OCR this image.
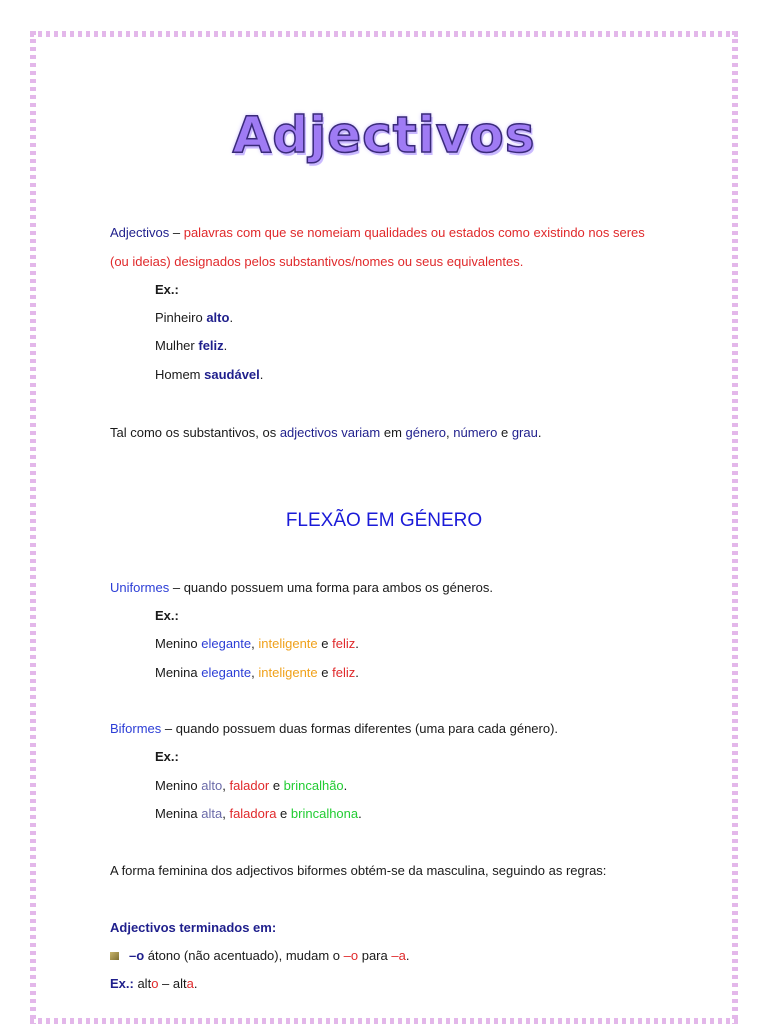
Adjectivos
Adjectivos – palavras com que se nomeiam qualidades ou estados como existindo nos seres
(ou ideias) designados pelos substantivos/nomes ou seus equivalentes.
Ex.:
Pinheiro alto.
Mulher feliz.
Homem saudável.
Tal como os substantivos, os adjectivos variam em género, número e grau.
FLEXÃO EM GÉNERO
Uniformes – quando possuem uma forma para ambos os géneros.
Ex.:
Menino elegante, inteligente e feliz.
Menina elegante, inteligente e feliz.
Biformes – quando possuem duas formas diferentes (uma para cada género).
Ex.:
Menino alto, falador e brincalhão.
Menina alta, faladora e brincalhona.
A forma feminina dos adjectivos biformes obtém-se da masculina, seguindo as regras:
Adjectivos terminados em:
–o átono (não acentuado), mudam o –o para –a.
Ex.: alto – alta.
